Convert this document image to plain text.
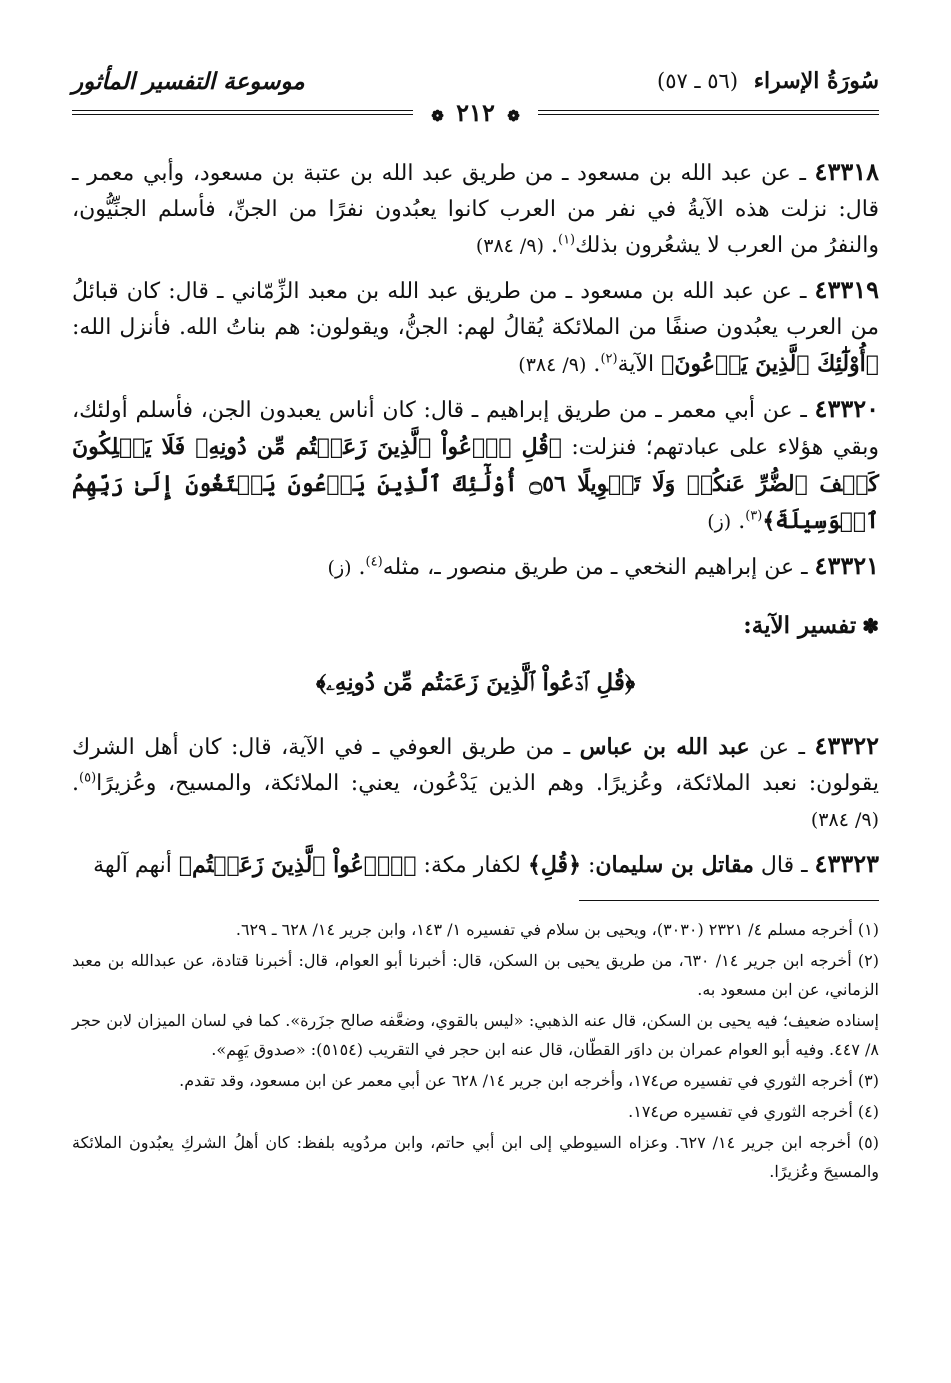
سُورَةُ الإسراء (٥٦ ـ ٥٧)
موسوعة التفسير المأثور
❁ ٢١٢ ❁

٤٣٣١٨ ـ عن عبد الله بن مسعود ـ من طريق عبد الله بن عتبة بن مسعود، وأبي معمر ـ قال: نزلت هذه الآيةُ في نفر من العرب كانوا يعبُدون نفرًا من الجنِّ، فأسلم الجنِّيُّون، والنفرُ من العرب لا يشعُرون بذلك$^{(١)}$. (٩/ ٣٨٤)

٤٣٣١٩ ـ عن عبد الله بن مسعود ـ من طريق عبد الله بن معبد الزِّمّاني ـ قال: كان قبائلُ من العرب يعبُدون صنفًا من الملائكة يُقالُ لهم: الجنُّ، ويقولون: هم بناتُ الله. فأنزل الله: ﴿أُوْلَٰٓئِكَ ٱلَّذِينَ يَدۡعُونَ﴾ الآية$^{(٢)}$. (٩/ ٣٨٤)

٤٣٣٢٠ ـ عن أبي معمر ـ من طريق إبراهيم ـ قال: كان أناس يعبدون الجن، فأسلم أولئك، وبقي هؤلاء على عبادتهم؛ فنزلت: ﴿قُلِ ٱدۡعُواْ ٱلَّذِينَ زَعَمۡتُم مِّن دُونِهِۦ فَلَا يَمۡلِكُونَ كَشۡفَ ٱلضُّرِّ عَنكُمۡ وَلَا تَحۡوِيلًا ۝٥٦ أُوْلَٰٓئِكَ ٱلَّذِينَ يَدۡعُونَ يَبۡتَغُونَ إِلَىٰ رَبِّهِمُ ٱلۡوَسِيلَةَ﴾$^{(٣)}$. (ز)

٤٣٣٢١ ـ عن إبراهيم النخعي ـ من طريق منصور ـ، مثله$^{(٤)}$. (ز)

✽تفسير الآية:
﴿قُلِ ٱدۡعُواْ ٱلَّذِينَ زَعَمۡتُم مِّن دُونِهِۦ﴾

٤٣٣٢٢ ـ عن عبد الله بن عباس ـ من طريق العوفي ـ في الآية، قال: كان أهل الشرك يقولون: نعبد الملائكة، وعُزيرًا. وهم الذين يَدْعُون، يعني: الملائكة، والمسيح، وعُزيرًا$^{(٥)}$. (٩/ ٣٨٤)

٤٣٣٢٣ ـ قال مقاتل بن سليمان: ﴿قُلِ﴾ لكفار مكة: ﴿ٱدۡعُواْ ٱلَّذِينَ زَعَمۡتُم﴾ أنهم آلهة

(١) أخرجه مسلم ٤/ ٢٣٢١ (٣٠٣٠)، ويحيى بن سلام في تفسيره ١/ ١٤٣، وابن جرير ١٤/ ٦٢٨ ـ ٦٢٩.

(٢) أخرجه ابن جرير ١٤/ ٦٣٠، من طريق يحيى بن السكن، قال: أخبرنا أبو العوام، قال: أخبرنا قتادة، عن عبدالله بن معبد الزماني، عن ابن مسعود به.

إسناده ضعيف؛ فيه يحيى بن السكن، قال عنه الذهبي: «ليس بالقوي، وضعَّفه صالح جزَرة». كما في لسان الميزان لابن حجر ٨/ ٤٤٧. وفيه أبو العوام عمران بن داوَر القطّان، قال عنه ابن حجر في التقريب (٥١٥٤): «صدوق يَهِم».

(٣) أخرجه الثوري في تفسيره ص١٧٤، وأخرجه ابن جرير ١٤/ ٦٢٨ عن أبي معمر عن ابن مسعود، وقد تقدم.

(٤) أخرجه الثوري في تفسيره ص١٧٤.

(٥) أخرجه ابن جرير ١٤/ ٦٢٧. وعزاه السيوطي إلى ابن أبي حاتم، وابن مردُويه بلفظ: كان أهلُ الشركِ يعبُدون الملائكة والمسيحَ وعُزيرًا.
